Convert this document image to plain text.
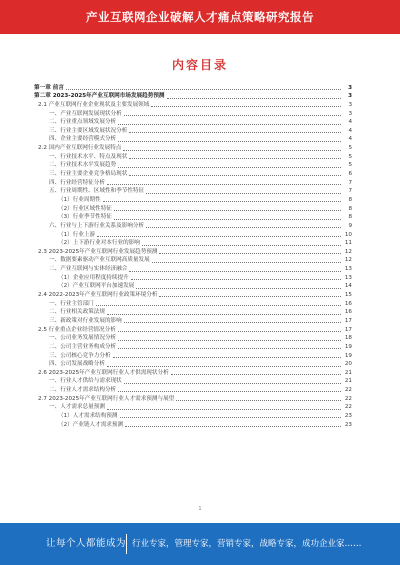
产业互联网企业破解人才痛点策略研究报告
内容目录
第一章 前言	3
第二章 2023-2025年产业互联网市场发展趋势预测	3
2.1 产业互联网行业企业现状及主要发展领域	3
一、产业互联网发展现状分析	3
二、行业重点领域发展分析	4
三、行业主要区域发展状况分析	4
四、企业主要经营模式分析	4
2.2 国内产业互联网行业发展特点	5
一、行业技术水平、特点及现状	5
二、行业技术水平发展趋势	5
三、行业主要企业竞争格局现状	6
四、行业经营特征分析	7
五、行业周期性、区域性和季节性特征	7
（1）行业周期性	8
（2）行业区域性特征	8
（3）行业季节性特征	8
六、行业与上下游行业关系及影响分析	9
（1）行业上游	10
（2）上下游行业对本行业的影响	11
2.3 2023-2025年产业互联网行业发展趋势预测	12
一、数据要素驱动产业互联网高质量发展	12
二、产业互联网与实体经济融合	13
（1）企业应用程度持续提升	13
（2）产业互联网平台加速发展	14
2.4 2022-2023年产业互联网行业政策环境分析	15
一、行业主管部门	16
二、行业相关政策法规	16
三、新政策对行业发展的影响	17
2.5 行业重点企业经营情况分析	17
一、公司业务发展情况分析	18
二、公司主营业务构成分析	19
三、公司核心竞争力分析	19
四、公司发展战略分析	20
2.6 2023-2025年产业互联网行业人才供需现状分析	21
一、行业人才供给与需求现状	21
二、行业人才需求结构分析	22
2.7 2023-2025年产业互联网行业人才需求预测与展望	22
一、人才需求总量预测	22
（1）人才需求结构预测	23
（2）产业链人才需求预测	23
1
让每个人都能成为 行业专家，管理专家，营销专家，战略专家，成功企业家……
